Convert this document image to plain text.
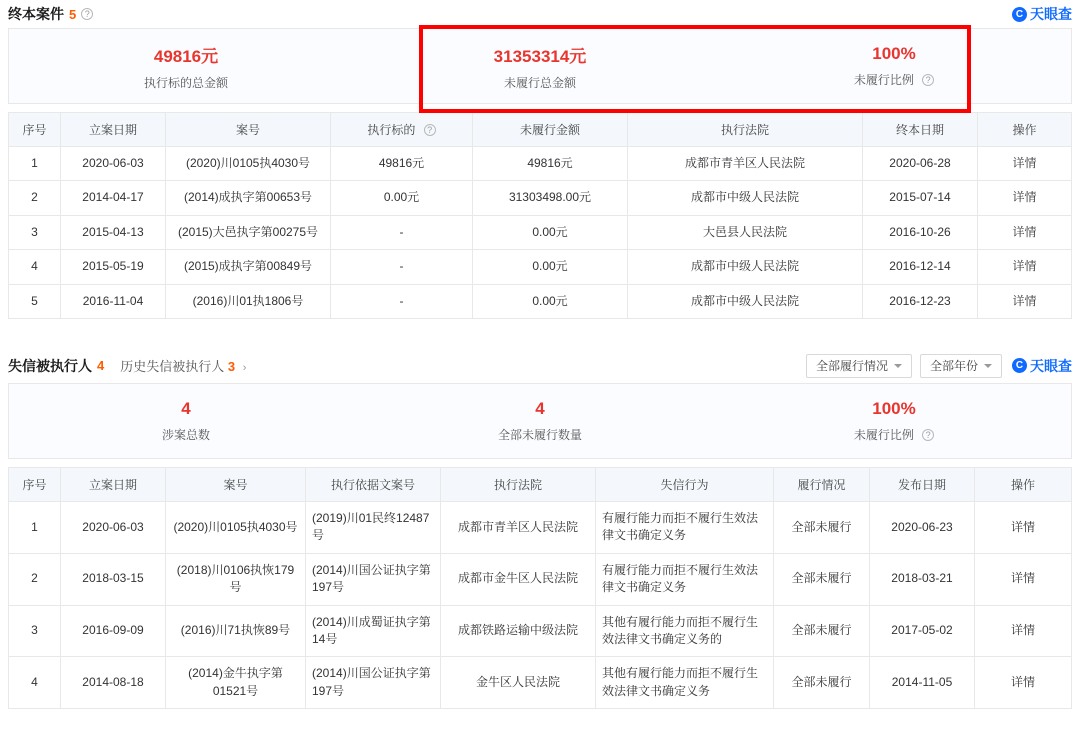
终本案件 5 ?	C 天眼查
49816元
执行标的总金额
31353314元
未履行总金额
100%
未履行比例 ?
序号	立案日期	案号	执行标的 ?	未履行金额	执行法院	终本日期	操作
1	2020-06-03	(2020)川0105执4030号	49816元	49816元	成都市青羊区人民法院	2020-06-28	详情
2	2014-04-17	(2014)成执字第00653号	0.00元	31303498.00元	成都市中级人民法院	2015-07-14	详情
3	2015-04-13	(2015)大邑执字第00275号	-	0.00元	大邑县人民法院	2016-10-26	详情
4	2015-05-19	(2015)成执字第00849号	-	0.00元	成都市中级人民法院	2016-12-14	详情
5	2016-11-04	(2016)川01执1806号	-	0.00元	成都市中级人民法院	2016-12-23	详情
失信被执行人 4 历史失信被执行人 3 ›	全部履行情况	全部年份	C 天眼查
4
涉案总数
4
全部未履行数量
100%
未履行比例 ?
序号	立案日期	案号	执行依据文案号	执行法院	失信行为	履行情况	发布日期	操作
1	2020-06-03	(2020)川0105执4030号	(2019)川01民终12487号	成都市青羊区人民法院	有履行能力而拒不履行生效法律文书确定义务	全部未履行	2020-06-23	详情
2	2018-03-15	(2018)川0106执恢179号	(2014)川国公证执字第197号	成都市金牛区人民法院	有履行能力而拒不履行生效法律文书确定义务	全部未履行	2018-03-21	详情
3	2016-09-09	(2016)川71执恢89号	(2014)川成蜀证执字第14号	成都铁路运输中级法院	其他有履行能力而拒不履行生效法律文书确定义务的	全部未履行	2017-05-02	详情
4	2014-08-18	(2014)金牛执字第01521号	(2014)川国公证执字第197号	金牛区人民法院	其他有履行能力而拒不履行生效法律文书确定义务	全部未履行	2014-11-05	详情
